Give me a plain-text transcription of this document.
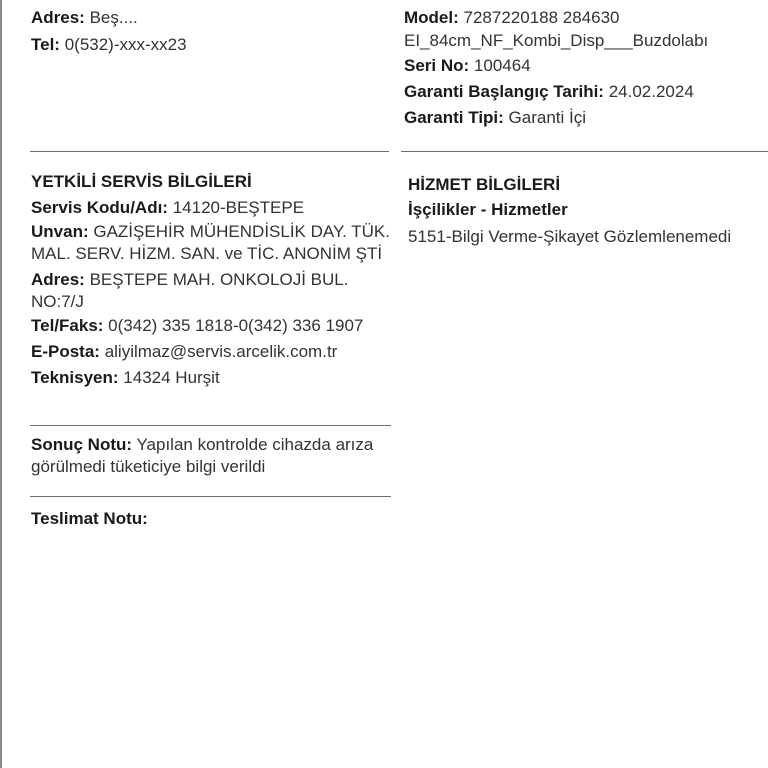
Adres: Beş....
Tel: 0(532)-xxx-xx23
Model: 7287220188 284630
EI_84cm_NF_Kombi_Disp___Buzdolabı
Seri No: 100464
Garanti Başlangıç Tarihi: 24.02.2024
Garanti Tipi: Garanti İçi
YETKİLİ SERVİS BİLGİLERİ
Servis Kodu/Adı: 14120-BEŞTEPE
Unvan: GAZİŞEHİR MÜHENDİSLİK DAY. TÜK.
MAL. SERV. HİZM. SAN. ve TİC. ANONİM ŞTİ
Adres: BEŞTEPE MAH. ONKOLOJİ BUL.
NO:7/J
Tel/Faks: 0(342) 335 1818-0(342) 336 1907
E-Posta: aliyilmaz@servis.arcelik.com.tr
Teknisyen: 14324 Hurşit
HİZMET BİLGİLERİ
İşçilikler - Hizmetler
5151-Bilgi Verme-Şikayet Gözlemlenemedi
Sonuç Notu: Yapılan kontrolde cihazda arıza
görülmedi tüketiciye bilgi verildi
Teslimat Notu:
